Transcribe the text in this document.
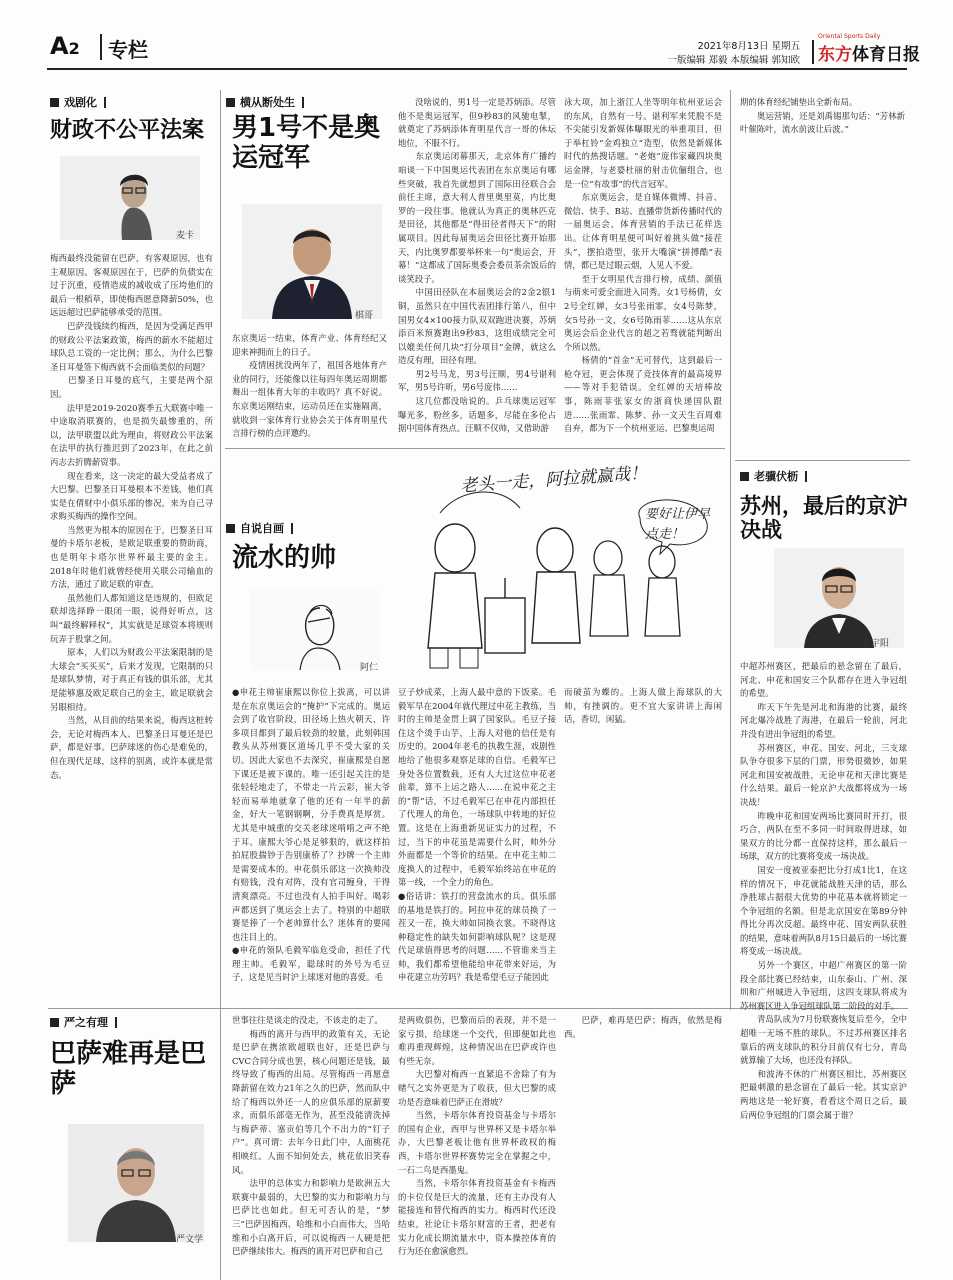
A2 专栏	2021年8月13日 星期五
一版编辑 郑毅 本版编辑 郭知欧
Oriental Sports Daily
东方体育日报
戏剧化
财政不公平法案
麦卡
梅西最终没能留在巴萨，有客观原因，也有主观原因。客观原因在于，巴萨的负债实在过于沉重，疫情造成的减收成了压垮他们的最后一根稻草，即使梅西愿意降薪50%，也远远超过巴萨能够承受的范围。
　　巴萨没钱续约梅西，是因为受满足西甲的财政公平法案政策，梅西的薪水不能超过球队总工资的一定比例；那么，为什么巴黎圣日耳曼签下梅西就不会面临类似的问题？
　　巴黎圣日耳曼的底气，主要是两个原因。
　　法甲是2019-2020赛季五大联赛中唯一中途取消联赛的，也是损失最惨重的，所以，法甲联盟以此为理由，将财政公平法案在法甲的执行推迟到了2023年，在此之前丙志去折腾薪资事。
　　现在看来，这一决定的最大受益者成了大巴黎。巴黎圣日耳曼根本不差钱，他们真实是在倩财中小俱乐部的惨况，来为自己寻求购买梅西的操作空间。
　　当然更为根本的原因在于，巴黎圣日耳曼的卡塔尔老板，是欧足联重要的赞助商，也是明年卡塔尔世界杯最主要的金主。2018年时他们就曾经使用关联公司输血的方法，通过了欧足联的审查。
　　虽然他们人都知道这是违规的，但欧足联却选择睁一眼闭一眼，说得好听点，这叫“最终解释权”，其实就是足球资本将规则玩弄于股掌之间。
　　原本，人们以为财政公平法案限制的是大球会“买买买”，后来才发现，它限制的只是球队梦情，对于真正有钱的俱乐部，尤其是能够惠及欧足联自己的金主，欧足联就会另眼相待。
　　当然，从目前的结果来说，梅西这桩转会，无论对梅西本人、巴黎圣日耳曼还是巴萨，都是好事。巴萨球迷的伤心是难免的，但在现代足球，这样的别离，或许本就是常态。
横从断处生
男1号不是奥运冠军
棋哥
东京奥运一结束，体育产业、体育经纪又迎来神拥而上的日子。
　　疫情困扰没两年了，祖国各地体育产业的同行，还能像以往每四年奥运周期都舞出一组体育大年的丰收吗？真不好说。东京奥运刚结束，运动员还在实施隔离，就收到一家体育行业协会关于体育明星代言排行榜的点评邀约。

　　没啥说的，男1号一定是苏炳添。尽管他不是奥运冠军，但9秒83的风驰电掣，就奠定了苏炳添体育明星代言一哥的休坛地位，不服不行。
　　东京奥运闭幕那天，北京体育广播约咱谈一下中国奥运代表团在东京奥运有哪些突破，我首先就想到了国际田径联合会前任主席，意大利人普里奥里莫，内比奥罗的一段往事。他就认为真正的奥林匹克是田径，其他都是“得田径者得天下”的附属项目。因此每届奥运会田径比赛开始那天，内比奥罗都要举杯来一句“奥运会，开幕！”这都成了国际奥委会委员茶余饭后的谈笑段子。
　　中国田径队在本届奥运会的2金2银1铜，虽然只在中国代表团排行第八，但中国男女4×100接力队双双跑进决赛，苏炳添百米预赛跑出9秒83，这组成绩完全可以媲美任何几块“打分项目”金牌，就这么造反有理，田径有理。
　　男2号马龙，男3号汪顺，男4号谌利军，男5号许昕，男6号庞伟……
　　这几位都没啥说的。乒乓球奥运冠军曝光多，粉丝多，话题多，尽能在多伦占据中国体育热点。汪顺不仅帅，又借助游
泳大项，加上浙江人坐等明年杭州亚运会的东风，自然有一号。谌利军来凭脱不是不尖能引发新媒体曝眼光的举重项目，但于举杠铃“金鸡独立”造型，依然是新媒体时代的热搜话题。“老炮”庞伟家藏四块奥运金牌，与老婆杜丽的射击伉俪组合，也是一位“有故事”的代言冠军。
　　东京奥运会，是自媒体微博、抖音、微信、快手、B站、直播带货新传播时代的一届奥运会，体育营销的手法已花样迭出。让体育明星便可叫好着挑头做“接茬头”，摆拍造型，张开大嘴演“拼搏酷”表情，都已是过眼云烟，人见人不爱。
　　至于女明星代言排行榜，成绩、颜值与萌来可爱全面进入同秀。女1号杨倩，女2号全红婵，女3号张雨霏，女4号陈梦，女5号孙一文，女6号陈雨菲……这从东京奥运会后企业代言的超之若骛就能判断出个所以然。
　　杨倩的“首金”无可替代，这到最后一枪夺冠，更会体现了竞技体育的最高境界——等对手犯错误。全红婵的天培棒故事，陈雨菲张家女的浙商快递国队跟进……张雨霏、陈梦、孙一文天生百周难自弃，都为下一个杭州亚运、巴黎奥运周
期的体育经纪铺垫出全新布局。
　　奥运营销，还是刘禹锡那句话：“芳林新叶催陈叶，流水前波让后波。”
自说自画
流水的帅
阿仁
老头一走，阿拉就赢哉！
要好让伊早点走！
●申花主帅崔康熙以你位上拔离，可以讲是在东京奥运会的“掩护”下完成的。奥运会到了收官阶段，田径场上热火朝天，许多项目都到了最后较劲的较量，此刻韩国教头从苏州赛区道场几乎不受大家的关切。因此大家也不去深究，崔康熙是自愿下课还是被下课的。唯一还引起关注的是张轻轻地走了，不带走一片云彩，崔大爷轻而易举地就拿了他的还有一年半的薪金，好大一笔钢钢啊，分手费真是厚赏。尤其是申城重的交关老球迷啃啃之声不绝于耳。康熙大爷心是足够狠的，就这样拍拍屁股揣钞于告别康桥了？抄牌一个主帅是需要成本的。申花俱乐部这一次换帅没有赔钱，没有对阵，没有官司缠身，干得清爽漂亮。不过也没有人拍手叫好。喝彩声都送到了奥运会上去了。特别的中超联赛是捧了一个老帅算什么？迷体育的要闻也注目上的。
●申花的领队毛毅军临危受命，担任了代理主帅。毛毅军，聪球时的外号为毛豆子，这是见当时沪上球迷对他的喜爱。毛
豆子炒成菜，上海人最中意的下饭菜。毛毅军早在2004年就代理过申花主教练，当时的主帅是金贯上调了国家队。毛豆子接住这个烫手山芋，上海人对他的信任是有历史的。2004年老毛的执教生涯，戏剧性地给了他很多观察足球的自信。毛毅军已身处各位置数载，还有人大过这位申花老前辈，算不上运之路人……在说申花之主的“帮”话，不过毛毅军已在申花内部担任了代理人的角色，一场球队中转地的好位置。这是在上海重新见证实力的过程，不过，当下的申花虽是需要什么时，帅外分外面都是一个等价的结果。在申花主帅二度换人的过程中，毛毅军始终站在申花的第一线，一个全力的角色。
●俗话讲：铁打的营盘流水的兵。俱乐部的基地是铁打的。阿拉申花的球员换了一茬又一茬，换大帅如同换衣裳。不晓得这种稳定性的缺失如何影响球队呢？这是现代足球值得思考的问题……不管谁来当主帅，我们都希望他能给申花带来好运，为申花建立功劳吗？我是希望毛豆子能因此
而破茧为蝶的。上海人做上海球队的大帅，有挫调的。更不宜大家讲讲上海闲话，香切，闲猛。
老骥伏枥
苏州，最后的京沪决战
姬宇阳
中超苏州赛区，把最后的悬念留在了最后，河北、申花和国安三个队都存在进入争冠组的希望。
　　昨天下午先是河北和海港的比赛，最终河北爆冷战胜了海港，在最后一轮前，河北并没有进出争冠组的希望。
　　苏州赛区，申花、国安、河北，三支球队争夺很多下层的门票，形势很微妙，如果河北和国安被战胜，无论申花和天津比赛是什么结果。最后一轮京沪大战都将成为一场决战！
　　昨晚申花和国安两场比赛同时开打，很巧合，两队在至不多同一时间取得进球，如果双方的比分都一直保持这样，那么最后一场球，双方的比赛将变成一场决战。
　　国安一度被亚泰把比分打成1比1，在这样的情况下，申花就能战胜天津的话，那么净胜球占据很大优势的申花基本就将锁定一个争冠组的名额。但是北京国安在第89分钟得比分再次反超。最终申花、国安两队获胜的结果，意味着两队8月15日最后的一场比赛将变成一场决战。
　　另外一个赛区，中超广州赛区的第一阶段全部比赛已经结束，山东泰山、广州、深圳和广州城进入争冠组，这四支球队将成为苏州赛区进入争冠组球队第二阶段的对手。
　　青岛队成为7月份联赛恢复后至今，全中超唯一无场不胜的球队。不过苏州赛区排名靠后的两支球队的积分目前仅有七分，青岛就算输了大场，也还没有择队。
　　和波涛不休的广州赛区相比，苏州赛区把最刺激的悬念留在了最后一轮。其实京沪两地这是一轮好赛，看看这个周日之后，最后两位争冠组的门票会属于谁？
严之有理
巴萨难再是巴萨
严文学
世事往往是谈走的没走，不该走的走了。
　　梅西的离开与西甲的政策有关，无论是巴萨在携浓欧超联也好，还是巴萨与CVC合同分成也罢，核心问题还是钱，最终导致了梅西的出局。尽管梅西一再愿意降薪留在效力21年之久的巴萨，然而队中给了梅西以外还一人的应俱乐部的原薪要求，而俱乐部毫无作为，甚至没能清洗掉与梅萨蒂、塞贡伯等几个不出力的“钉子户”。真可谓：去年今日此门中，人面桃花相映红。人面不知何处去，桃花依旧笑春风。
　　法甲的总体实力和影响力是欧洲五大联赛中最弱的，大巴黎的实力和影响力与巴萨比也如此。但无可否认的是，“梦三”巴萨因梅西、哈维和小白而伟大，当哈维和小白离开后，可以说梅西一人硬是把巴萨继续伟大。梅西的离开对巴萨和自己
是两败俱伤，巴黎而后的表现，并不是一家亏损，给球迷一个交代，但即便如此也难再重现辉煌，这种情况出在巴萨或许也有些无奈。
　　大巴黎对梅西一直紧追不舍除了有为赌气之实外更是为了收获，但大巴黎的成功是否意味着巴萨正在滑坡？
　　当然，卡塔尔体育投资基金与卡塔尔的国有企业，西甲与世界杯又是卡塔尔举办，大巴黎老板让他有世界杯政权的梅西，卡塔尔世界杯赛势完全在掌握之中，一石二鸟是西墨鬼。
　　当然，卡塔尔体育投资基金有卡梅西的卡位仅是巨大的流量，还有主办没有人能接连和替代梅西的实力。梅西时代还没结束，社论让卡塔尔财富的王者，把老有实力化成长期流量水中，资本操控体育的行为还在愈演愈烈。

　　巴萨，难再是巴萨；梅西，依然是梅西。
